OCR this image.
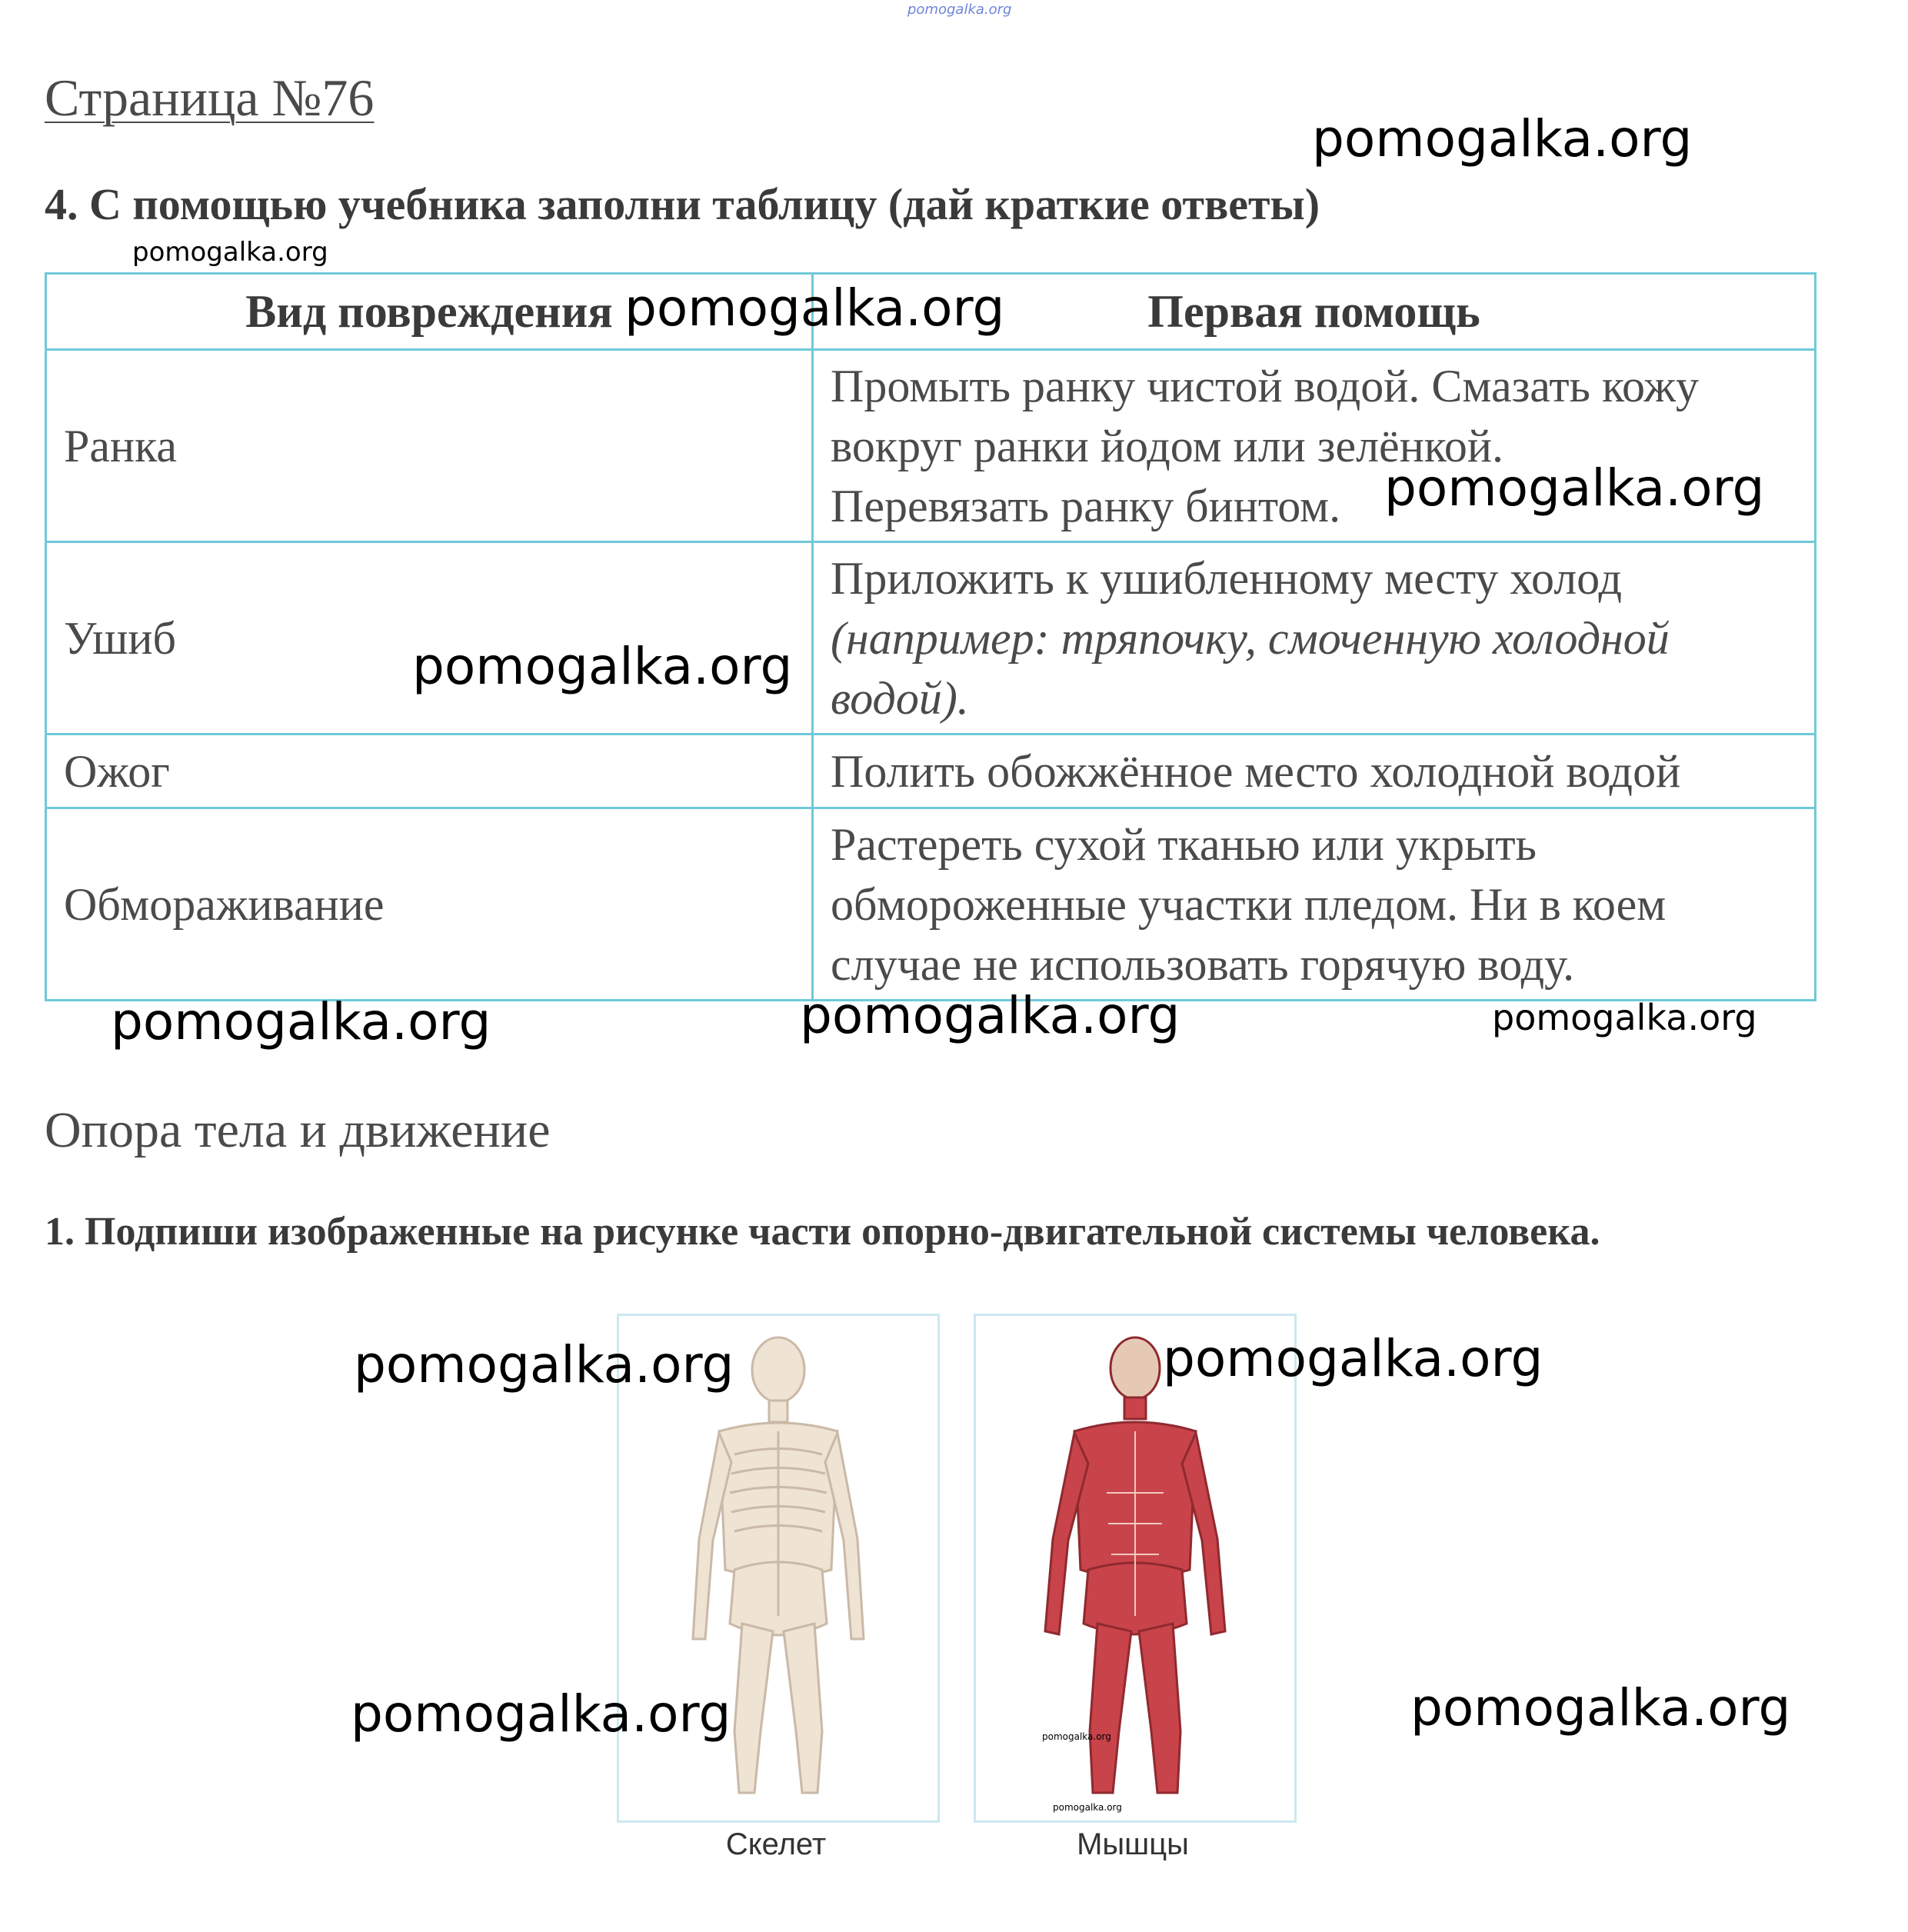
pomogalka.org
Страница №76
pomogalka.org
4. С помощью учебника заполни таблицу (дай краткие ответы)
pomogalka.org
Вид повреждения	Первая помощь
Ранка	Промыть ранку чистой водой. Смазать кожу
вокруг ранки йодом или зелёнкой.
Перевязать ранку бинтом.

Ушиб	Приложить к ушибленному месту холод
(например: тряпочку, смоченную холодной
водой).

Ожог	Полить обожжённое место холодной водой

Обмораживание	Растереть сухой тканью или укрыть
обмороженные участки пледом. Ни в коем
случае не использовать горячую воду.
pomogalka.org
pomogalka.org
pomogalka.org
pomogalka.org	pomogalka.org	pomogalka.org
Опора тела и движение
1. Подпиши изображенные на рисунке части опорно-двигательной системы человека.
Скелет
pomogalka.org
pomogalka.org
Мышцы
pomogalka.org	pomogalka.org
pomogalka.org	pomogalka.org
